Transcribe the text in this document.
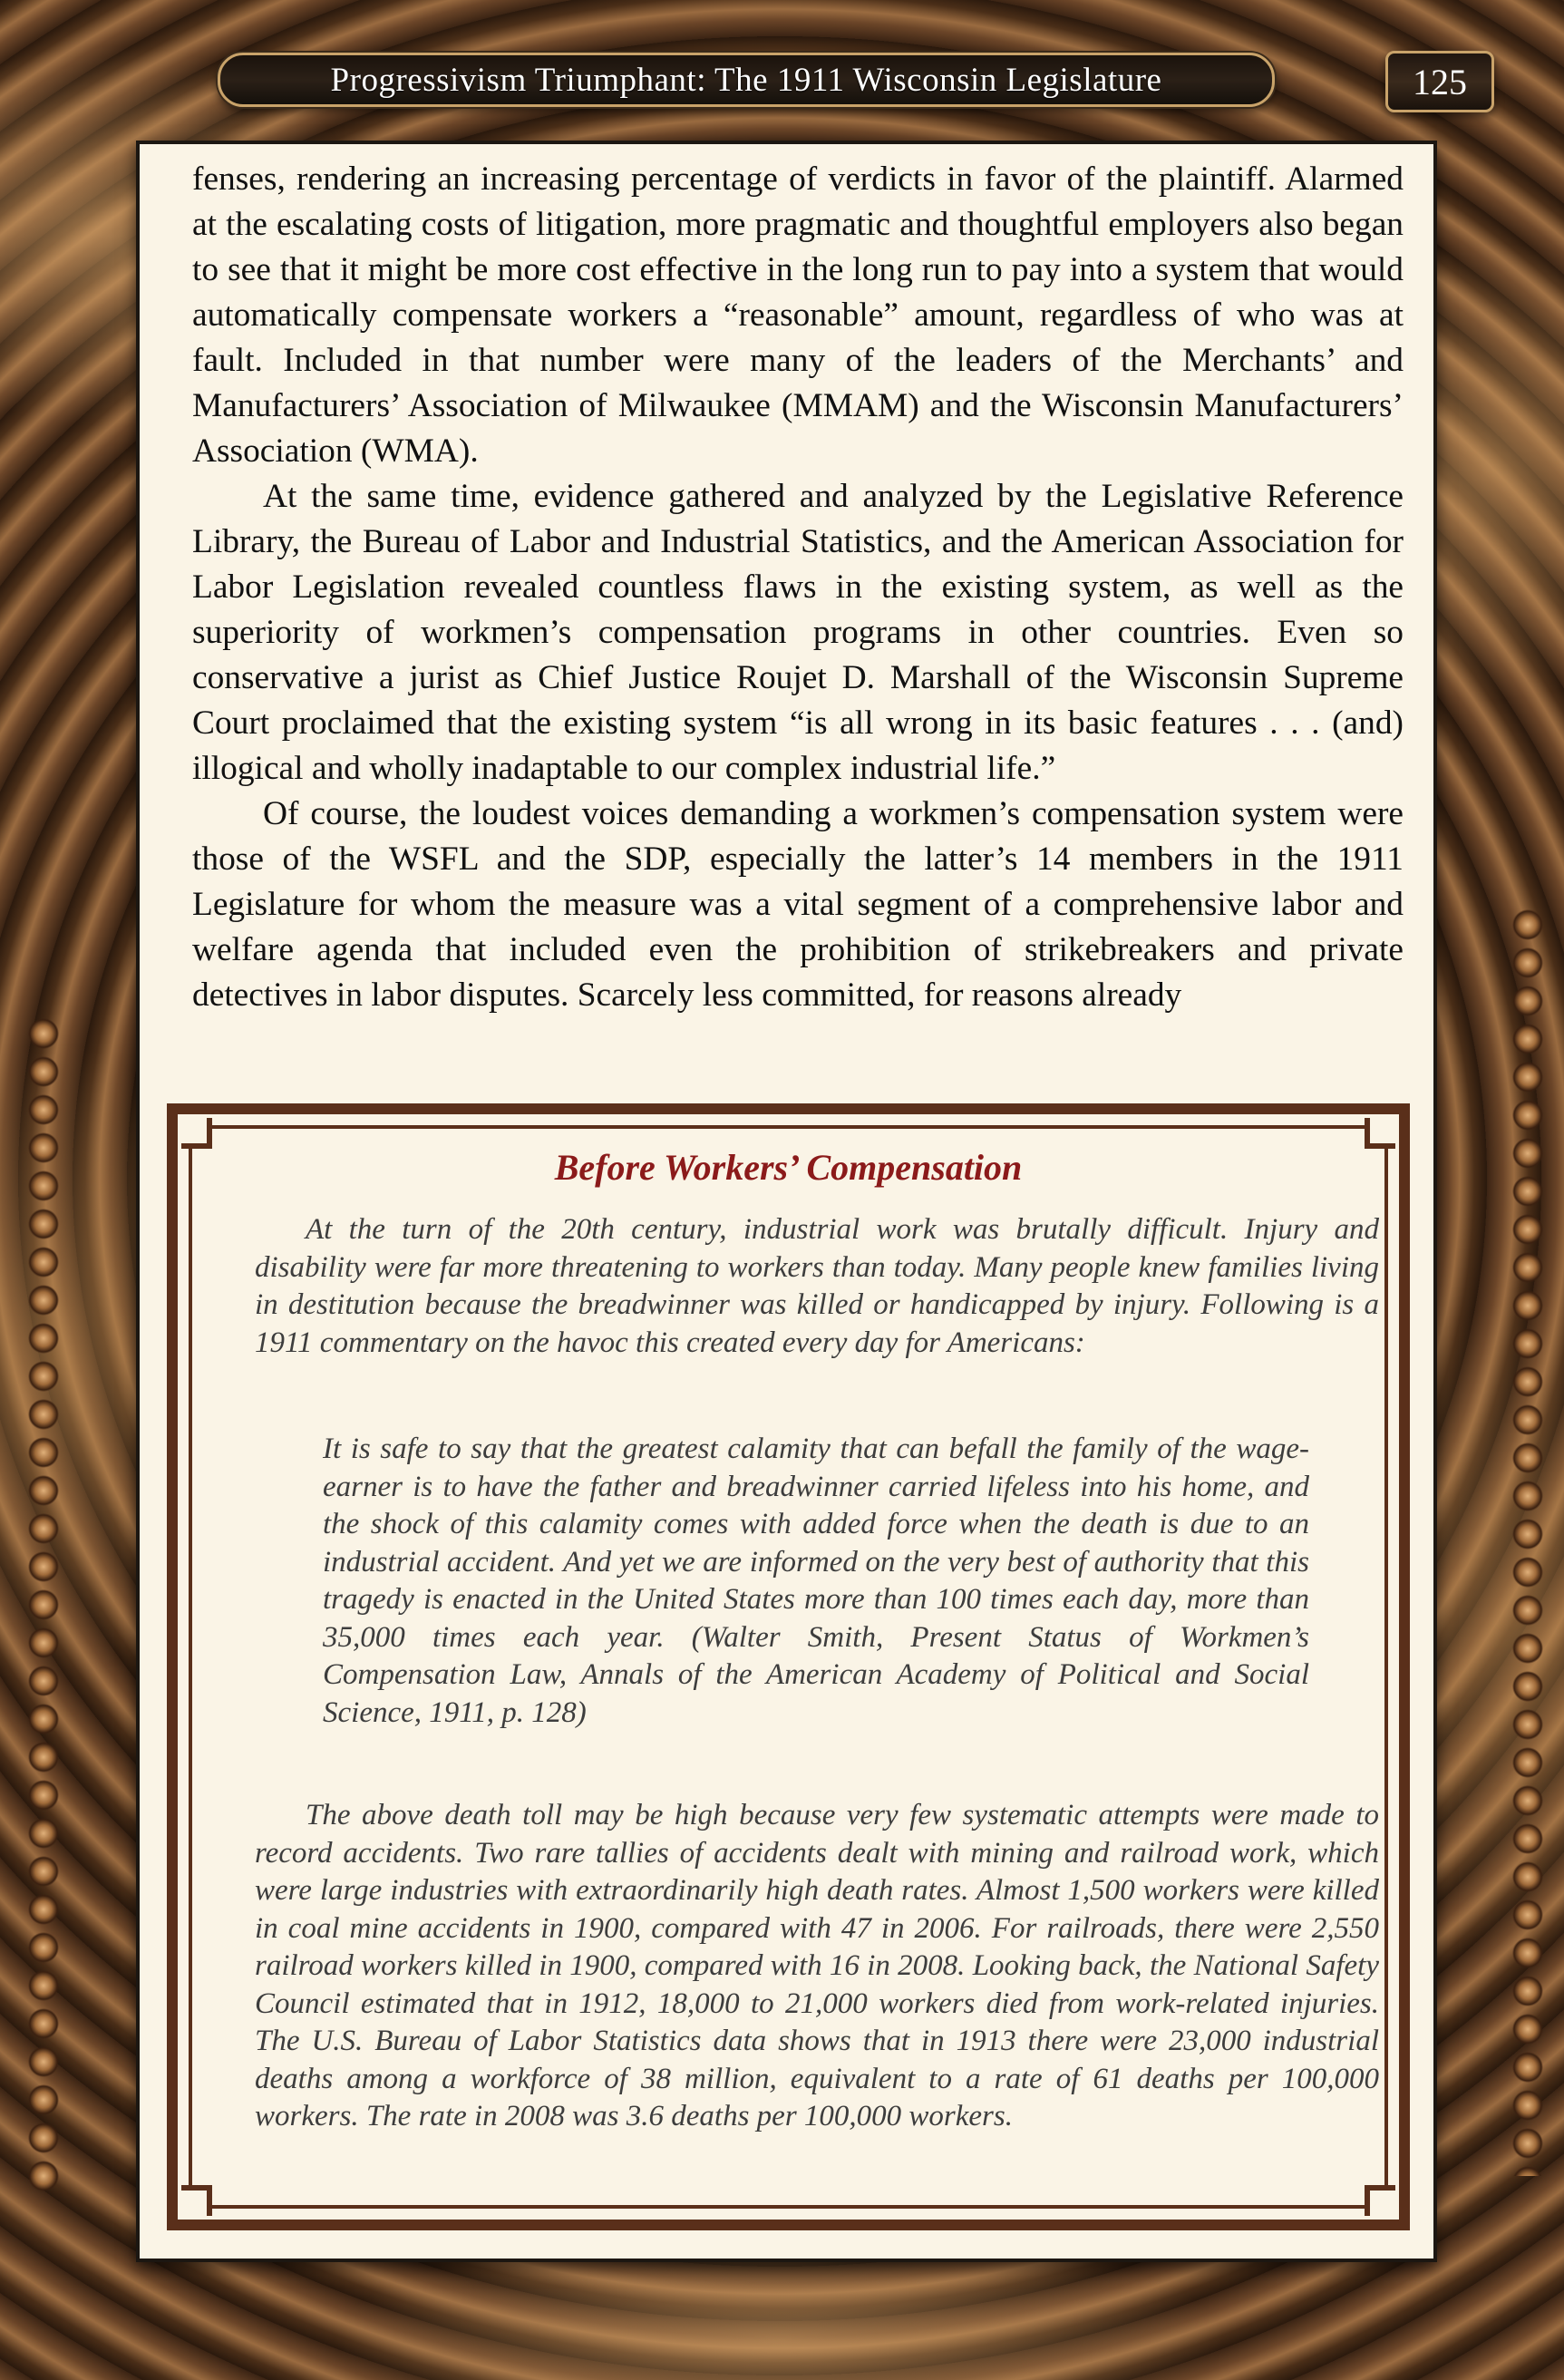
Progressivism Triumphant: The 1911 Wisconsin Legislature	125

fenses, rendering an increasing percentage of verdicts in favor of the plaintiff. Alarmed at the escalating costs of litigation, more pragmatic and thoughtful employers also began to see that it might be more cost effective in the long run to pay into a system that would automatically compensate workers a “reasonable” amount, regardless of who was at fault. Included in that number were many of the leaders of the Merchants’ and Manufacturers’ Association of Milwaukee (MMAM) and the Wisconsin Manufacturers’ Association (WMA).

At the same time, evidence gathered and analyzed by the Legislative Reference Library, the Bureau of Labor and Industrial Statistics, and the American Association for Labor Legislation revealed countless flaws in the existing system, as well as the superiority of workmen’s compensation programs in other countries. Even so conservative a jurist as Chief Justice Roujet D. Marshall of the Wisconsin Supreme Court proclaimed that the existing system “is all wrong in its basic features . . . (and) illogical and wholly inadaptable to our complex industrial life.”

Of course, the loudest voices demanding a workmen’s compensation system were those of the WSFL and the SDP, especially the latter’s 14 members in the 1911 Legislature for whom the measure was a vital segment of a comprehensive labor and welfare agenda that included even the prohibition of strikebreakers and private detectives in labor disputes. Scarcely less committed, for reasons already

Before Workers’ Compensation

At the turn of the 20th century, industrial work was brutally difficult. Injury and disability were far more threatening to workers than today. Many people knew families living in destitution because the breadwinner was killed or handicapped by injury. Following is a 1911 commentary on the havoc this created every day for Americans:

It is safe to say that the greatest calamity that can befall the family of the wage-earner is to have the father and breadwinner carried lifeless into his home, and the shock of this calamity comes with added force when the death is due to an industrial accident. And yet we are informed on the very best of authority that this tragedy is enacted in the United States more than 100 times each day, more than 35,000 times each year. (Walter Smith, Present Status of Workmen’s Compensation Law, Annals of the American Academy of Political and Social Science, 1911, p. 128)

The above death toll may be high because very few systematic attempts were made to record accidents. Two rare tallies of accidents dealt with mining and railroad work, which were large industries with extraordinarily high death rates. Almost 1,500 workers were killed in coal mine accidents in 1900, compared with 47 in 2006. For railroads, there were 2,550 railroad workers killed in 1900, compared with 16 in 2008. Looking back, the National Safety Council estimated that in 1912, 18,000 to 21,000 workers died from work-related injuries. The U.S. Bureau of Labor Statistics data shows that in 1913 there were 23,000 industrial deaths among a workforce of 38 million, equivalent to a rate of 61 deaths per 100,000 workers. The rate in 2008 was 3.6 deaths per 100,000 workers.
